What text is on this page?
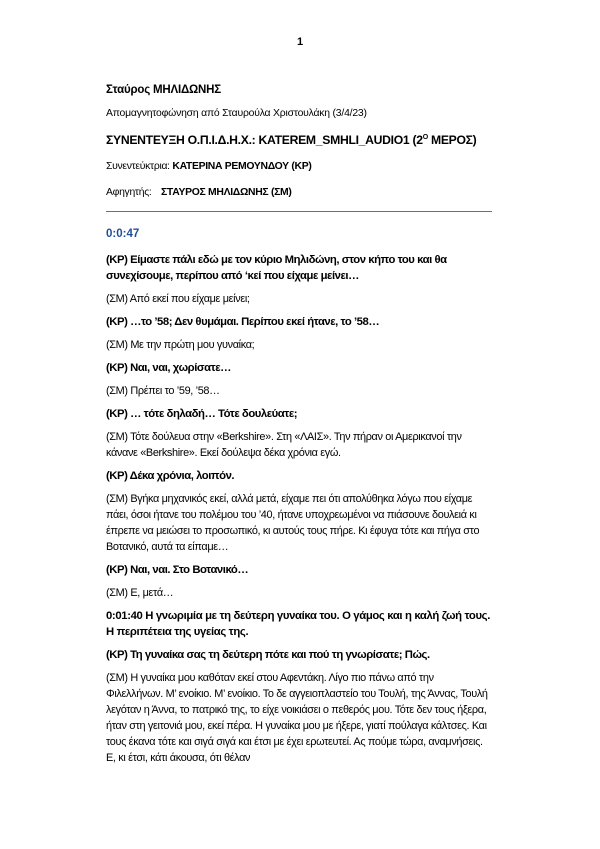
1
Σταύρος ΜΗΛΙΔΩΝΗΣ
Απομαγνητοφώνηση από Σταυρούλα Χριστουλάκη (3/4/23)
ΣΥΝΕΝΤΕΥΞΗ Ο.Π.Ι.Δ.Η.Χ.: KATEREM_SMHLI_AUDIO1 ($2^O$ ΜΕΡΟΣ)
Συνεντεύκτρια: ΚΑΤΕΡΙΝΑ ΡΕΜΟΥΝΔΟΥ (ΚΡ)
Αφηγητής: ΣΤΑΥΡΟΣ ΜΗΛΙΔΩΝΗΣ (ΣΜ)
0:0:47

(ΚΡ) Είμαστε πάλι εδώ με τον κύριο Μηλιδώνη, στον κήπο του και θα συνεχίσουμε, περίπου από ‘κεί που είχαμε μείνει…

(ΣΜ) Από εκεί που είχαμε μείνει;

(ΚΡ) …το ’58; Δεν θυμάμαι. Περίπου εκεί ήτανε, το ’58…

(ΣΜ) Με την πρώτη μου γυναίκα;

(ΚΡ) Ναι, ναι, χωρίσατε…

(ΣΜ) Πρέπει το ’59, ’58…

(ΚΡ) … τότε δηλαδή… Τότε δουλεύατε;

(ΣΜ) Τότε δούλευα στην «Berkshire». Στη «ΛΑΙΣ». Την πήραν οι Αμερικανοί την κάνανε «Berkshire». Εκεί δούλεψα δέκα χρόνια εγώ.

(ΚΡ) Δέκα χρόνια, λοιπόν.

(ΣΜ) Βγήκα μηχανικός εκεί, αλλά μετά, είχαμε πει ότι απολύθηκα λόγω που είχαμε πάει, όσοι ήτανε του πολέμου του ’40, ήτανε υποχρεωμένοι να πιάσουνε δουλειά κι έπρεπε να μειώσει το προσωπικό, κι αυτούς τους πήρε. Κι έφυγα τότε και πήγα στο Βοτανικό, αυτά τα είπαμε…

(ΚΡ) Ναι, ναι. Στο Βοτανικό…

(ΣΜ) Ε, μετά…

0:01:40 Η γνωριμία με τη δεύτερη γυναίκα του. Ο γάμος και η καλή ζωή τους. Η περιπέτεια της υγείας της.

(ΚΡ) Τη γυναίκα σας τη δεύτερη πότε και πού τη γνωρίσατε; Πώς.

(ΣΜ) Η γυναίκα μου καθόταν εκεί στου Αφεντάκη. Λίγο πιο πάνω από την Φιλελλήνων. Μ’ ενοίκιο. Μ’ ενοίκιο. Το δε αγγειοπλαστείο του Τουλή, της Άννας, Τουλή λεγόταν η Άννα, το πατρικό της, το είχε νοικιάσει ο πεθερός μου. Τότε δεν τους ήξερα, ήταν στη γειτονιά μου, εκεί πέρα. Η γυναίκα μου με ήξερε, γιατί πούλαγα κάλτσες. Και τους έκανα τότε και σιγά σιγά και έτσι με έχει ερωτευτεί. Ας πούμε τώρα, αναμνήσεις. Ε, κι έτσι, κάτι άκουσα, ότι θέλαν
